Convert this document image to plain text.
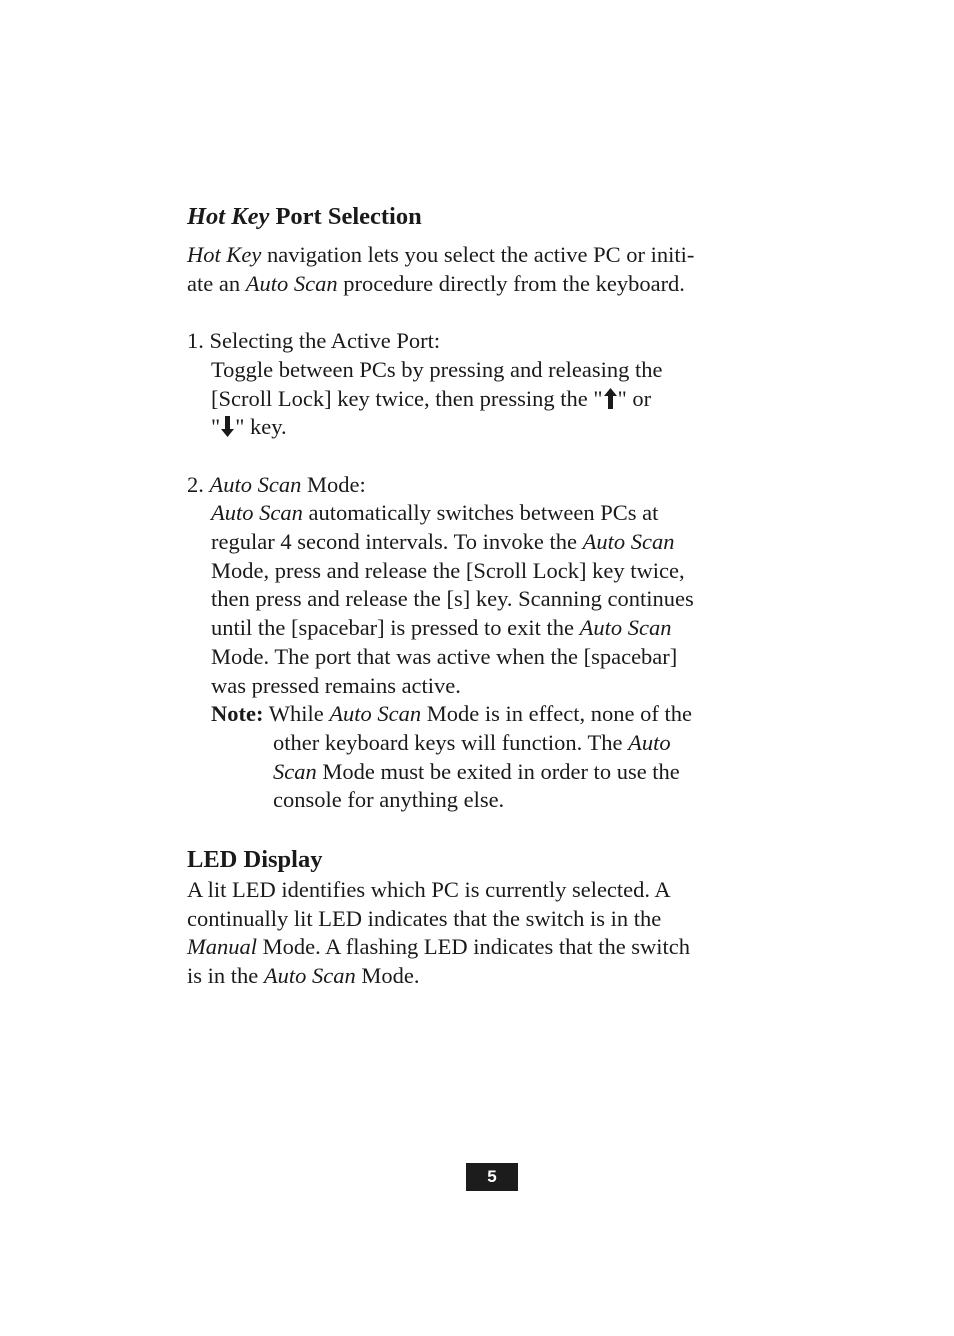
Hot Key Port Selection
Hot Key navigation lets you select the active PC or initi-
ate an Auto Scan procedure directly from the keyboard.
1. Selecting the Active Port:
Toggle between PCs by pressing and releasing the
[Scroll Lock] key twice, then pressing the " " or
" " key.
2. Auto Scan Mode:
Auto Scan automatically switches between PCs at
regular 4 second intervals. To invoke the Auto Scan
Mode, press and release the [Scroll Lock] key twice,
then press and release the [s] key. Scanning continues
until the [spacebar] is pressed to exit the Auto Scan
Mode. The port that was active when the [spacebar]
was pressed remains active.
Note: While Auto Scan Mode is in effect, none of the
other keyboard keys will function. The Auto
Scan Mode must be exited in order to use the
console for anything else.
LED Display
A lit LED identifies which PC is currently selected. A
continually lit LED indicates that the switch is in the
Manual Mode. A flashing LED indicates that the switch
is in the Auto Scan Mode.
5
